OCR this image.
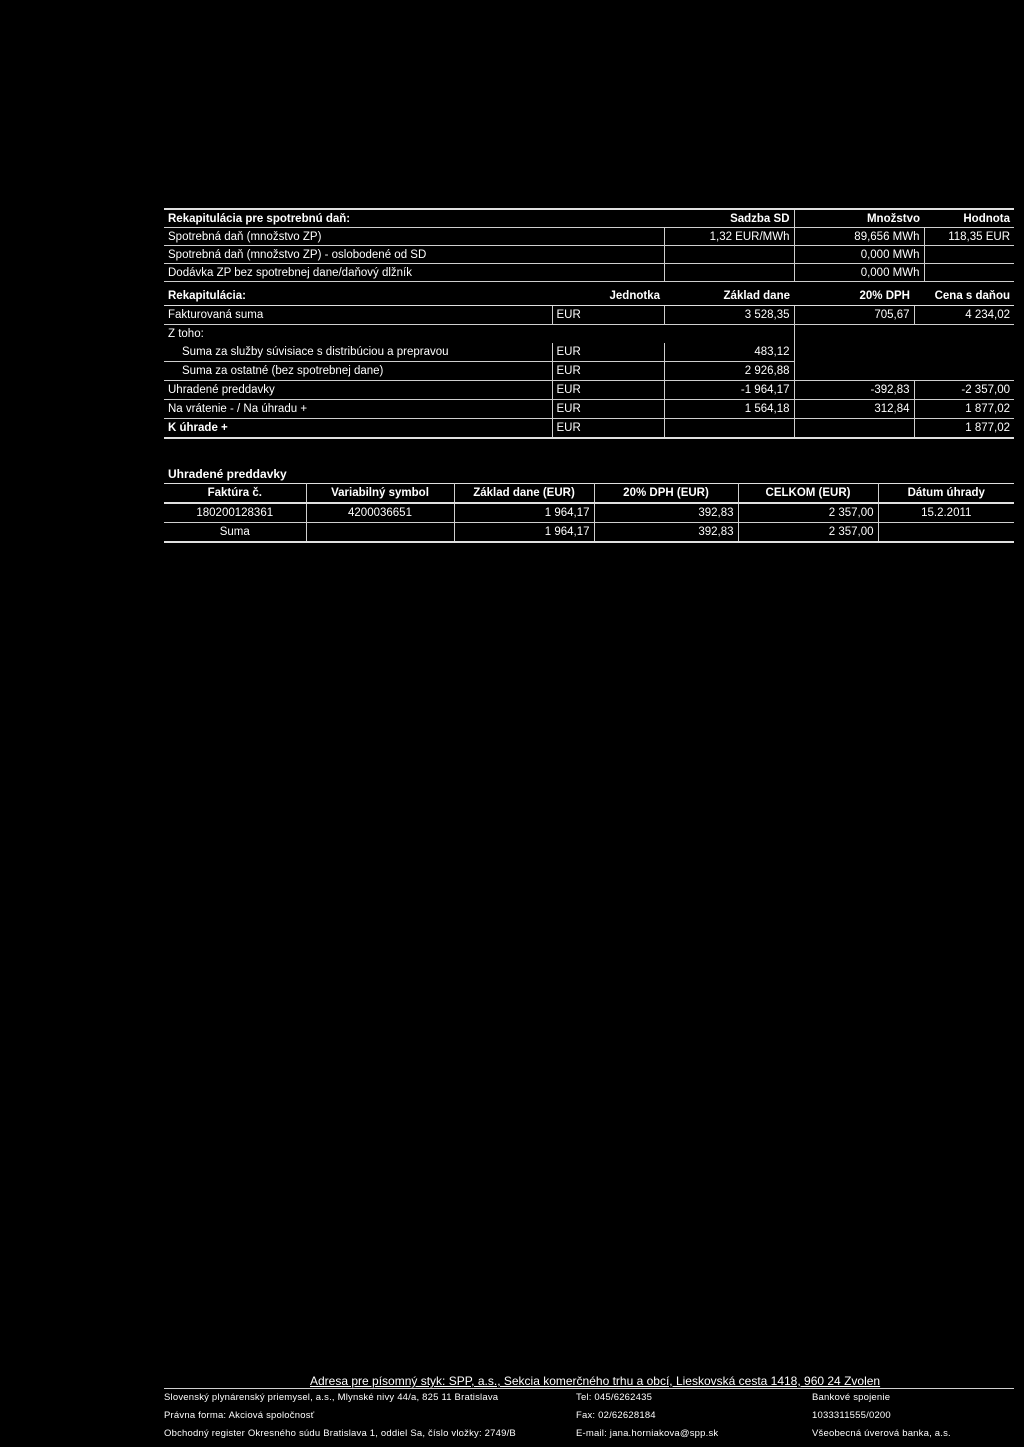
Rekapitulácia pre spotrebnú daň:	Sadzba SD	Množstvo	Hodnota
Spotrebná daň (množstvo ZP)	1,32 EUR/MWh	89,656 MWh	118,35 EUR
Spotrebná daň (množstvo ZP) - oslobodené od SD		0,000 MWh	
Dodávka ZP bez spotrebnej dane/daňový dlžník		0,000 MWh	
Rekapitulácia:	Jednotka	Základ dane	20% DPH	Cena s daňou
Fakturovaná suma	EUR	3 528,35	705,67	4 234,02
Z toho:				
Suma za služby súvisiace s distribúciou a prepravou	EUR	483,12		
Suma za ostatné (bez spotrebnej dane)	EUR	2 926,88		
Uhradené preddavky	EUR	-1 964,17	-392,83	-2 357,00
Na vrátenie - / Na úhradu +	EUR	1 564,18	312,84	1 877,02
K úhrade +	EUR			1 877,02
Uhradené preddavky
Faktúra č.	Variabilný symbol	Základ dane (EUR)	20% DPH (EUR)	CELKOM (EUR)	Dátum úhrady
180200128361	4200036651	1 964,17	392,83	2 357,00	15.2.2011
Suma		1 964,17	392,83	2 357,00	
Adresa pre písomný styk: SPP, a.s., Sekcia komerčného trhu a obcí, Lieskovská cesta 1418, 960 24 Zvolen
Slovenský plynárenský priemysel, a.s., Mlynské nivy 44/a, 825 11 Bratislava
Právna forma: Akciová spoločnosť
Obchodný register Okresného súdu Bratislava 1, oddiel Sa, číslo vložky: 2749/B
Tel: 045/6262435
Fax: 02/62628184
E-mail: jana.horniakova@spp.sk
Bankové spojenie
1033311555/0200
Všeobecná úverová banka, a.s.
